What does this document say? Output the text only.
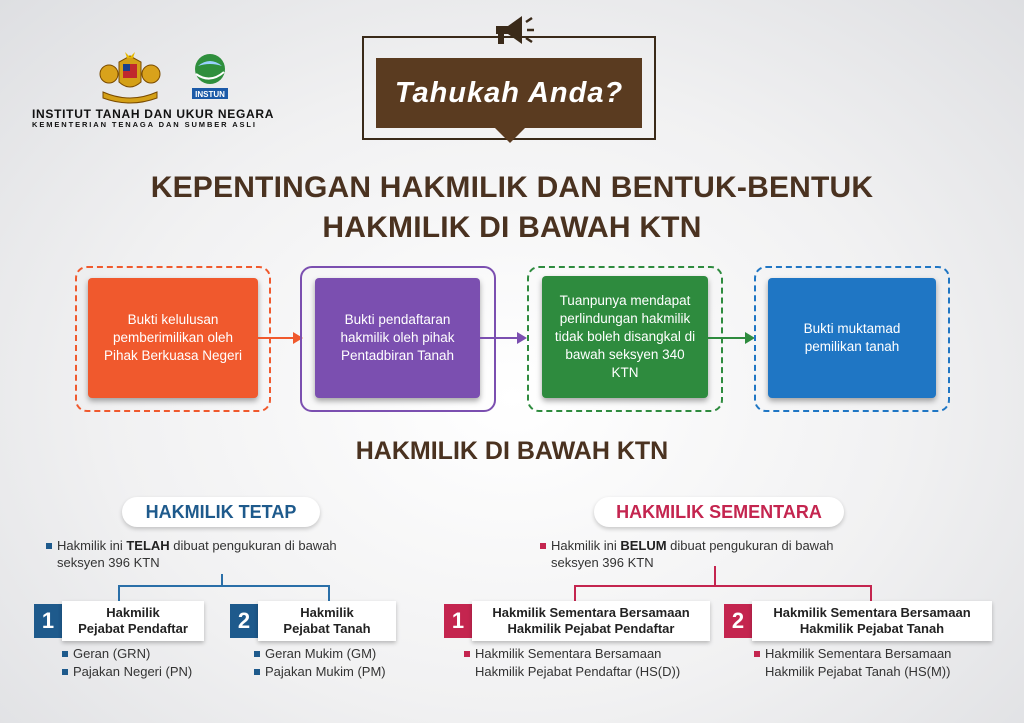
INSTUN
INSTITUT TANAH DAN UKUR NEGARA
KEMENTERIAN TENAGA DAN SUMBER ASLI
Tahukah Anda?
KEPENTINGAN HAKMILIK DAN BENTUK-BENTUK
HAKMILIK DI BAWAH KTN
Bukti kelulusan pemberimilikan oleh Pihak Berkuasa Negeri
Bukti pendaftaran hakmilik oleh pihak Pentadbiran Tanah
Tuanpunya mendapat perlindungan hakmilik tidak boleh disangkal di bawah seksyen 340 KTN
Bukti muktamad pemilikan tanah
HAKMILIK DI BAWAH KTN
HAKMILIK TETAP
Hakmilik ini TELAH dibuat pengukuran di bawah
seksyen 396 KTN
1	Hakmilik
Pejabat Pendaftar
Geran (GRN)
Pajakan Negeri (PN)
2	Hakmilik
Pejabat Tanah
Geran Mukim (GM)
Pajakan Mukim (PM)
HAKMILIK SEMENTARA
Hakmilik ini BELUM dibuat pengukuran di bawah
seksyen 396 KTN
1	Hakmilik Sementara Bersamaan
Hakmilik Pejabat Pendaftar
Hakmilik Sementara Bersamaan
Hakmilik Pejabat Pendaftar (HS(D))
2	Hakmilik Sementara Bersamaan
Hakmilik Pejabat Tanah
Hakmilik Sementara Bersamaan
Hakmilik Pejabat Tanah (HS(M))
